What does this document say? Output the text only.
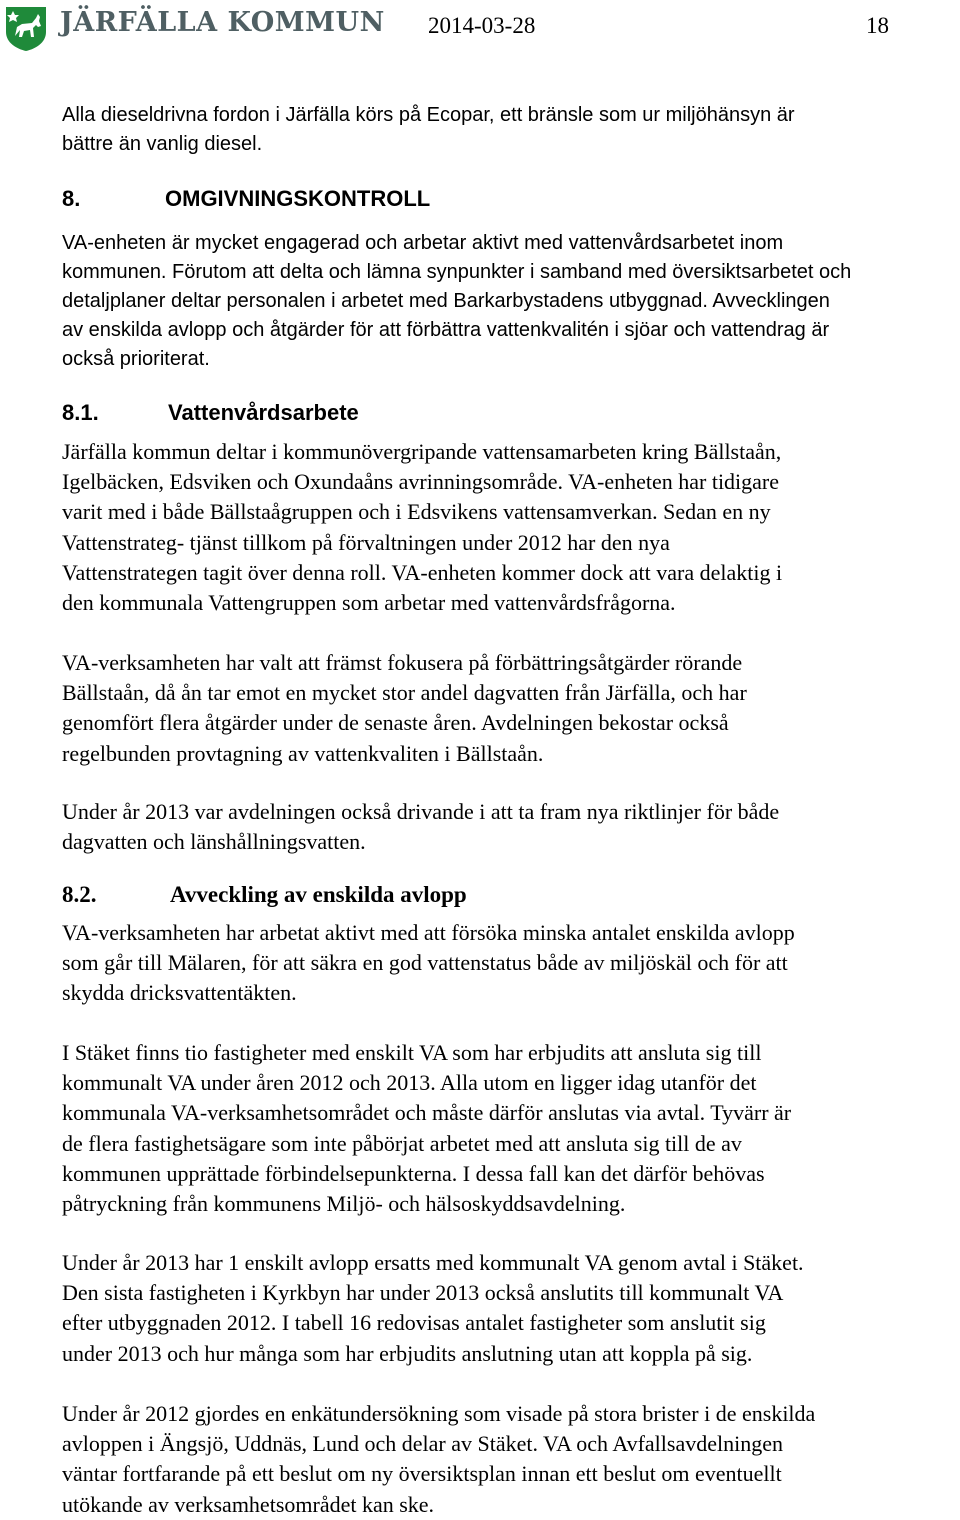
JÄRFÄLLA KOMMUN 2014-03-28	18
Alla dieseldrivna fordon i Järfälla körs på Ecopar, ett bränsle som ur miljöhänsyn är
bättre än vanlig diesel.
8.	OMGIVNINGSKONTROLL
VA-enheten är mycket engagerad och arbetar aktivt med vattenvårdsarbetet inom
kommunen. Förutom att delta och lämna synpunkter i samband med översiktsarbetet och
detaljplaner deltar personalen i arbetet med Barkarbystadens utbyggnad. Avvecklingen
av enskilda avlopp och åtgärder för att förbättra vattenkvalitén i sjöar och vattendrag är
också prioriterat.
8.1.	Vattenvårdsarbete
Järfälla kommun deltar i kommunövergripande vattensamarbeten kring Bällstaån,
Igelbäcken, Edsviken och Oxundaåns avrinningsområde. VA-enheten har tidigare
varit med i både Bällstaågruppen och i Edsvikens vattensamverkan. Sedan en ny
Vattenstrateg- tjänst tillkom på förvaltningen under 2012 har den nya
Vattenstrategen tagit över denna roll. VA-enheten kommer dock att vara delaktig i
den kommunala Vattengruppen som arbetar med vattenvårdsfrågorna.
VA-verksamheten har valt att främst fokusera på förbättringsåtgärder rörande
Bällstaån, då ån tar emot en mycket stor andel dagvatten från Järfälla, och har
genomfört flera åtgärder under de senaste åren. Avdelningen bekostar också
regelbunden provtagning av vattenkvaliten i Bällstaån.
Under år 2013 var avdelningen också drivande i att ta fram nya riktlinjer för både
dagvatten och länshållningsvatten.
8.2.	Avveckling av enskilda avlopp
VA-verksamheten har arbetat aktivt med att försöka minska antalet enskilda avlopp
som går till Mälaren, för att säkra en god vattenstatus både av miljöskäl och för att
skydda dricksvattentäkten.
I Stäket finns tio fastigheter med enskilt VA som har erbjudits att ansluta sig till
kommunalt VA under åren 2012 och 2013. Alla utom en ligger idag utanför det
kommunala VA-verksamhetsområdet och måste därför anslutas via avtal. Tyvärr är
de flera fastighetsägare som inte påbörjat arbetet med att ansluta sig till de av
kommunen upprättade förbindelsepunkterna. I dessa fall kan det därför behövas
påtryckning från kommunens Miljö- och hälsoskyddsavdelning.
Under år 2013 har 1 enskilt avlopp ersatts med kommunalt VA genom avtal i Stäket.
Den sista fastigheten i Kyrkbyn har under 2013 också anslutits till kommunalt VA
efter utbyggnaden 2012. I tabell 16 redovisas antalet fastigheter som anslutit sig
under 2013 och hur många som har erbjudits anslutning utan att koppla på sig.
Under år 2012 gjordes en enkätundersökning som visade på stora brister i de enskilda
avloppen i Ängsjö, Uddnäs, Lund och delar av Stäket. VA och Avfallsavdelningen
väntar fortfarande på ett beslut om ny översiktsplan innan ett beslut om eventuellt
utökande av verksamhetsområdet kan ske.
